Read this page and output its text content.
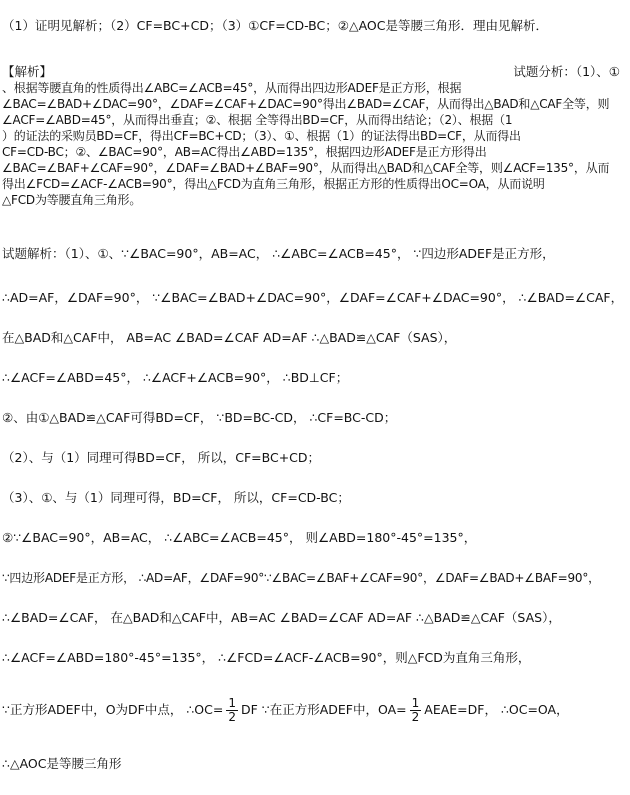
（1）证明见解析；（2）CF=BC+CD；（3）①CF=CD-BC；②△AOC是等腰三角形．理由见解析．
【解析】	试题分析：（1）、①
、根据等腰直角的性质得出∠ABC=∠ACB=45°，从而得出四边形ADEF是正方形，根据
∠BAC=∠BAD+∠DAC=90°，∠DAF=∠CAF+∠DAC=90°得出∠BAD=∠CAF，从而得出△BAD和△CAF全等，则
∠ACF=∠ABD=45°，从而得出垂直；②、根据 全等得出BD=CF，从而得出结论；（2）、根据（1
）的证法的采购员BD=CF，得出CF=BC+CD；（3）、①、根据（1）的证法得出BD=CF，从而得出
CF=CD-BC；②、∠BAC=90°，AB=AC得出∠ABD=135°，根据四边形ADEF是正方形得出
∠BAC=∠BAF+∠CAF=90°，∠DAF=∠BAD+∠BAF=90°，从而得出△BAD和△CAF全等，则∠ACF=135°，从而
得出∠FCD=∠ACF-∠ACB=90°，得出△FCD为直角三角形，根据正方形的性质得出OC=OA，从而说明
△FCD为等腰直角三角形。
试题解析：（1）、①、∵∠BAC=90°，AB=AC， ∴∠ABC=∠ACB=45°， ∵四边形ADEF是正方形，
∴AD=AF，∠DAF=90°， ∵∠BAC=∠BAD+∠DAC=90°，∠DAF=∠CAF+∠DAC=90°， ∴∠BAD=∠CAF，
在△BAD和△CAF中， AB=AC ∠BAD=∠CAF AD=AF ∴△BAD≌△CAF（SAS），
∴∠ACF=∠ABD=45°， ∴∠ACF+∠ACB=90°， ∴BD⊥CF；
②、由①△BAD≌△CAF可得BD=CF， ∵BD=BC-CD， ∴CF=BC-CD；
（2）、与（1）同理可得BD=CF， 所以，CF=BC+CD；
（3）、①、与（1）同理可得，BD=CF， 所以，CF=CD-BC；
②∵∠BAC=90°，AB=AC， ∴∠ABC=∠ACB=45°， 则∠ABD=180°-45°=135°，
∵四边形ADEF是正方形， ∴AD=AF，∠DAF=90°∵∠BAC=∠BAF+∠CAF=90°，∠DAF=∠BAD+∠BAF=90°，
∴∠BAD=∠CAF， 在△BAD和△CAF中，AB=AC ∠BAD=∠CAF AD=AF ∴△BAD≌△CAF（SAS），
∴∠ACF=∠ABD=180°-45°=135°， ∴∠FCD=∠ACF-∠ACB=90°，则△FCD为直角三角形，
∵正方形ADEF中，O为DF中点， ∴OC= $\frac{1}{2}$ DF ∵在正方形ADEF中，$OA= \frac{1}{2}$ AEAE=DF， ∴OC=OA，
∴△AOC是等腰三角形
